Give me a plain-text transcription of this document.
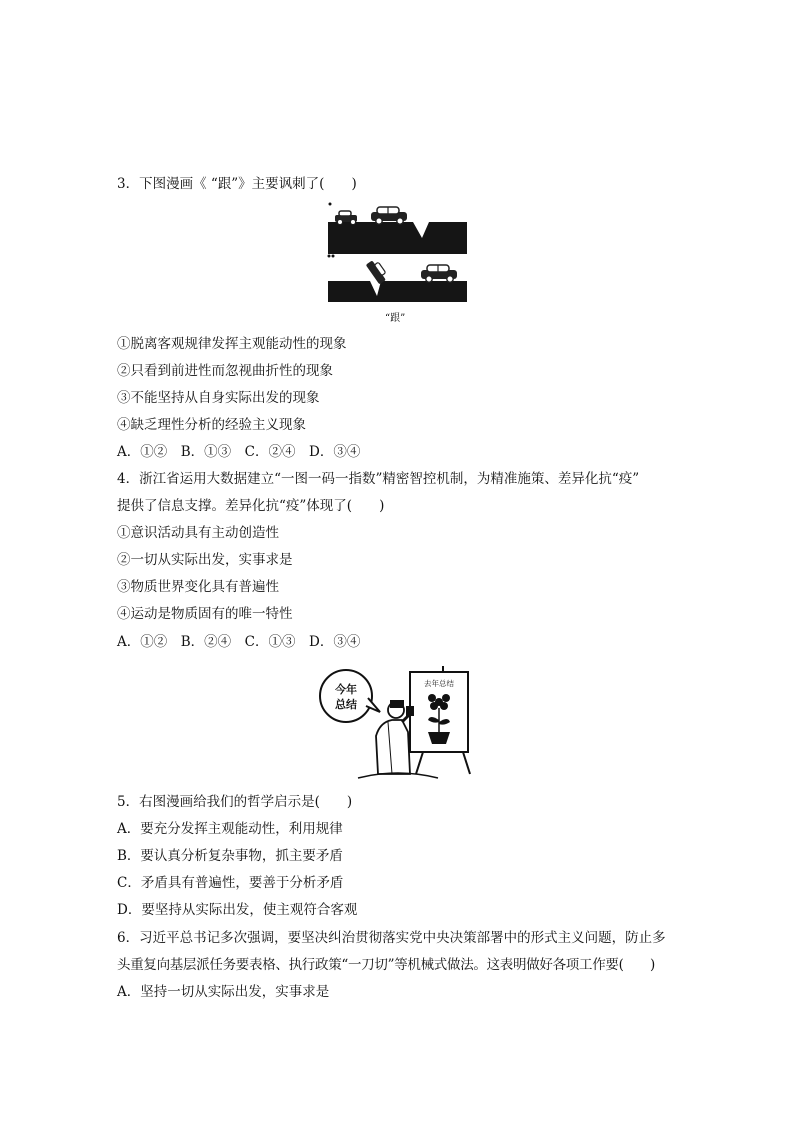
3．下图漫画《 “跟”》主要讽刺了(　　)
“跟”
①脱离客观规律发挥主观能动性的现象
②只看到前进性而忽视曲折性的现象
③不能坚持从自身实际出发的现象
④缺乏理性分析的经验主义现象
A．①②　B．①③　C．②④　D．③④
4．浙江省运用大数据建立“一图一码一指数”精密智控机制，为精准施策、差异化抗“疫”
提供了信息支撑。差异化抗“疫”体现了(　　)
①意识活动具有主动创造性
②一切从实际出发，实事求是
③物质世界变化具有普遍性
④运动是物质固有的唯一特性
A．①②　B．②④　C．①③　D．③④
今年
总结
去年总结
5．右图漫画给我们的哲学启示是(　　)
A．要充分发挥主观能动性，利用规律
B．要认真分析复杂事物，抓主要矛盾
C．矛盾具有普遍性，要善于分析矛盾
D．要坚持从实际出发，使主观符合客观
6．习近平总书记多次强调，要坚决纠治贯彻落实党中央决策部署中的形式主义问题，防止多
头重复向基层派任务要表格、执行政策“一刀切”等机械式做法。这表明做好各项工作要(　　)
A．坚持一切从实际出发，实事求是
